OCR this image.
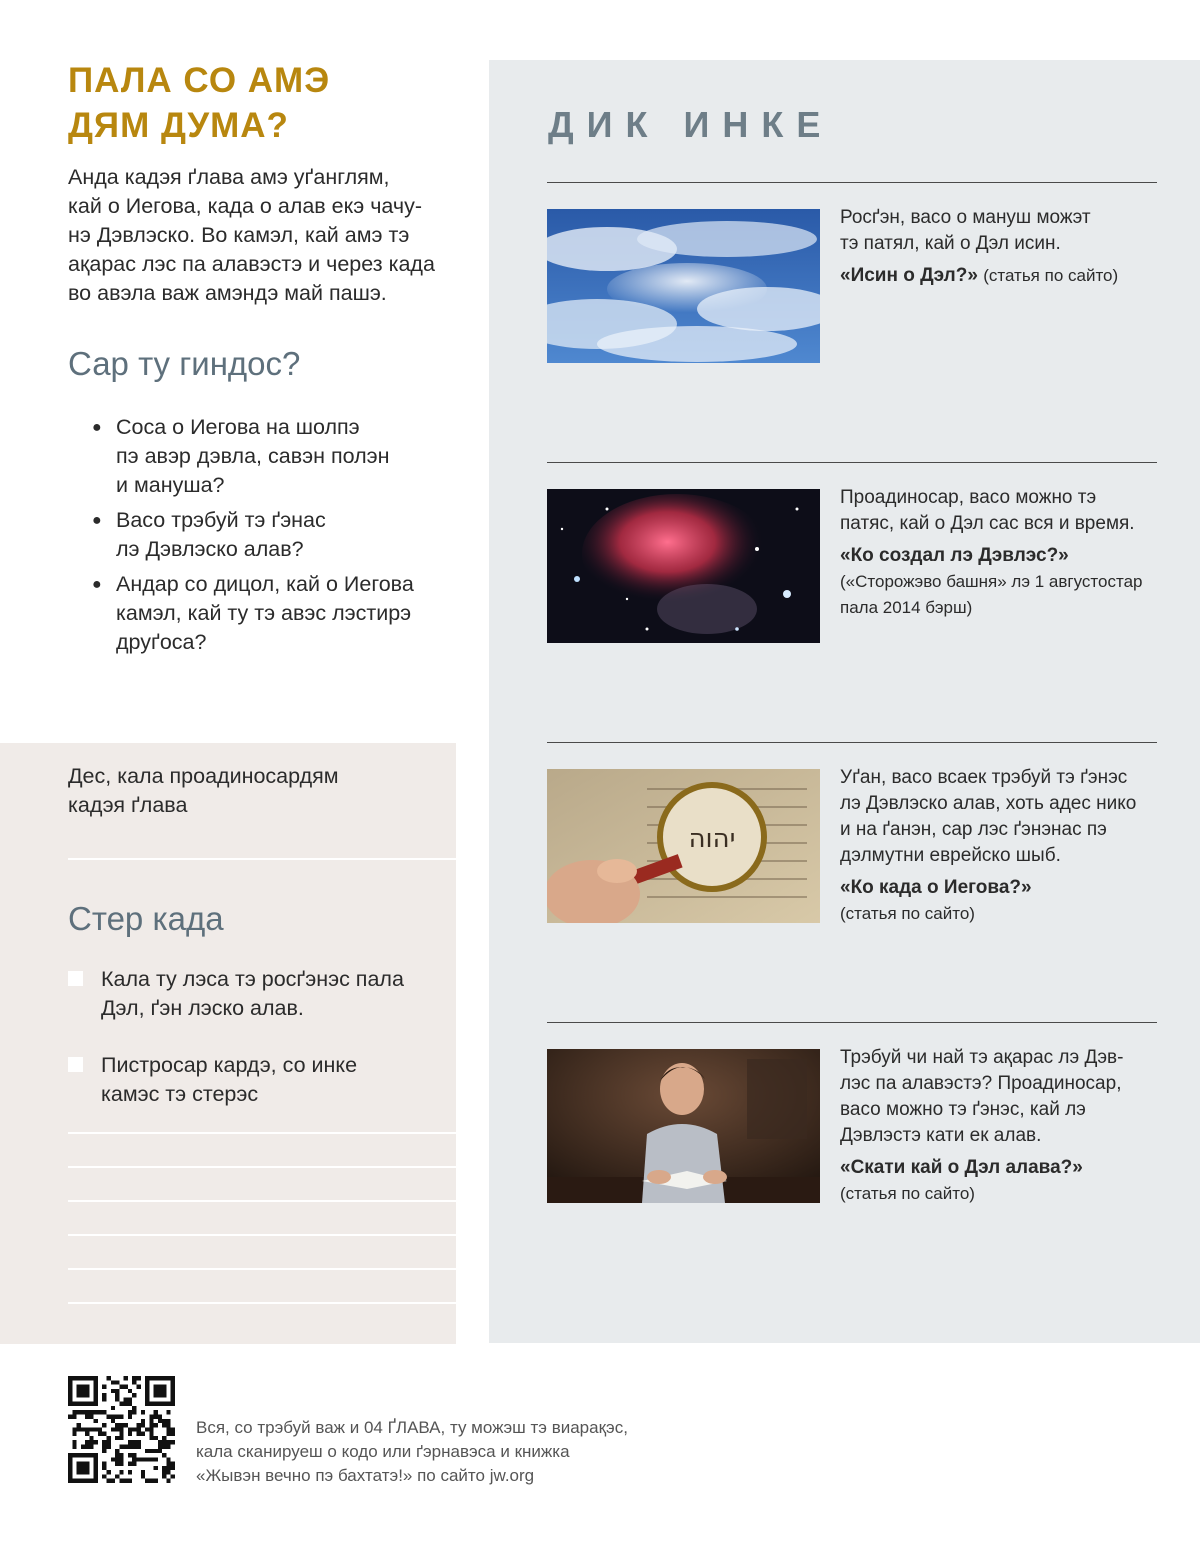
ПАЛА СО АМЭ
ДЯМ ДУМА?
Анда кадэя ґлава амэ уґанглям,
кай о Иегова, када о алав екэ чачу-
нэ Дэвлэско. Во камэл, кай амэ тэ
ақарас лэс па алавэстэ и через када
во авэла важ амэндэ май пашэ.
Сар ту гиндос?
● Соса о Иегова на шолпэ
пэ авэр дэвла, савэн полэн
и мануша?
● Васо трэбуй тэ ґэнас
лэ Дэвлэско алав?
● Андар со дицол, кай о Иегова
камэл, кай ту тэ авэс лэстирэ
друґоса?
Дес, кала проадиносардям
кадэя ґлава
Стер када
Кала ту лэса тэ росґэнэс пала
Дэл, ґэн лэско алав.
Пистросар кардэ, со инке
камэс тэ стерэс
ДИК ИНКЕ
Росґэн, васо о мануш можэт
тэ патял, кай о Дэл исин.
«Исин о Дэл?» (статья по сайто)
Проадиносар, васо можно тэ
патяс, кай о Дэл сас вся и время.
«Ко создал лэ Дэвлэс?»
(«Сторожэво башня» лэ 1 августостар
пала 2014 бэрш)
יהוה
Уґан, васо всаек трэбуй тэ ґэнэс
лэ Дэвлэско алав, хоть адес нико
и на ґанэн, сар лэс ґэнэнас пэ
дэлмутни еврейско шыб.
«Ко када о Иегова?»
(статья по сайто)
Трэбуй чи най тэ ақарас лэ Дэв-
лэс па алавэстэ? Проадиносар,
васо можно тэ ґэнэс, кай лэ
Дэвлэстэ кати ек алав.
«Скати кай о Дэл алава?»
(статья по сайто)
Вся, со трэбуй важ и 04 ҐЛАВА, ту можэш тэ виарақэс,
кала сканируеш о кодо или ґэрнавэса и книжка
«Жывэн вечно пэ бахтатэ!» по сайто jw.org
